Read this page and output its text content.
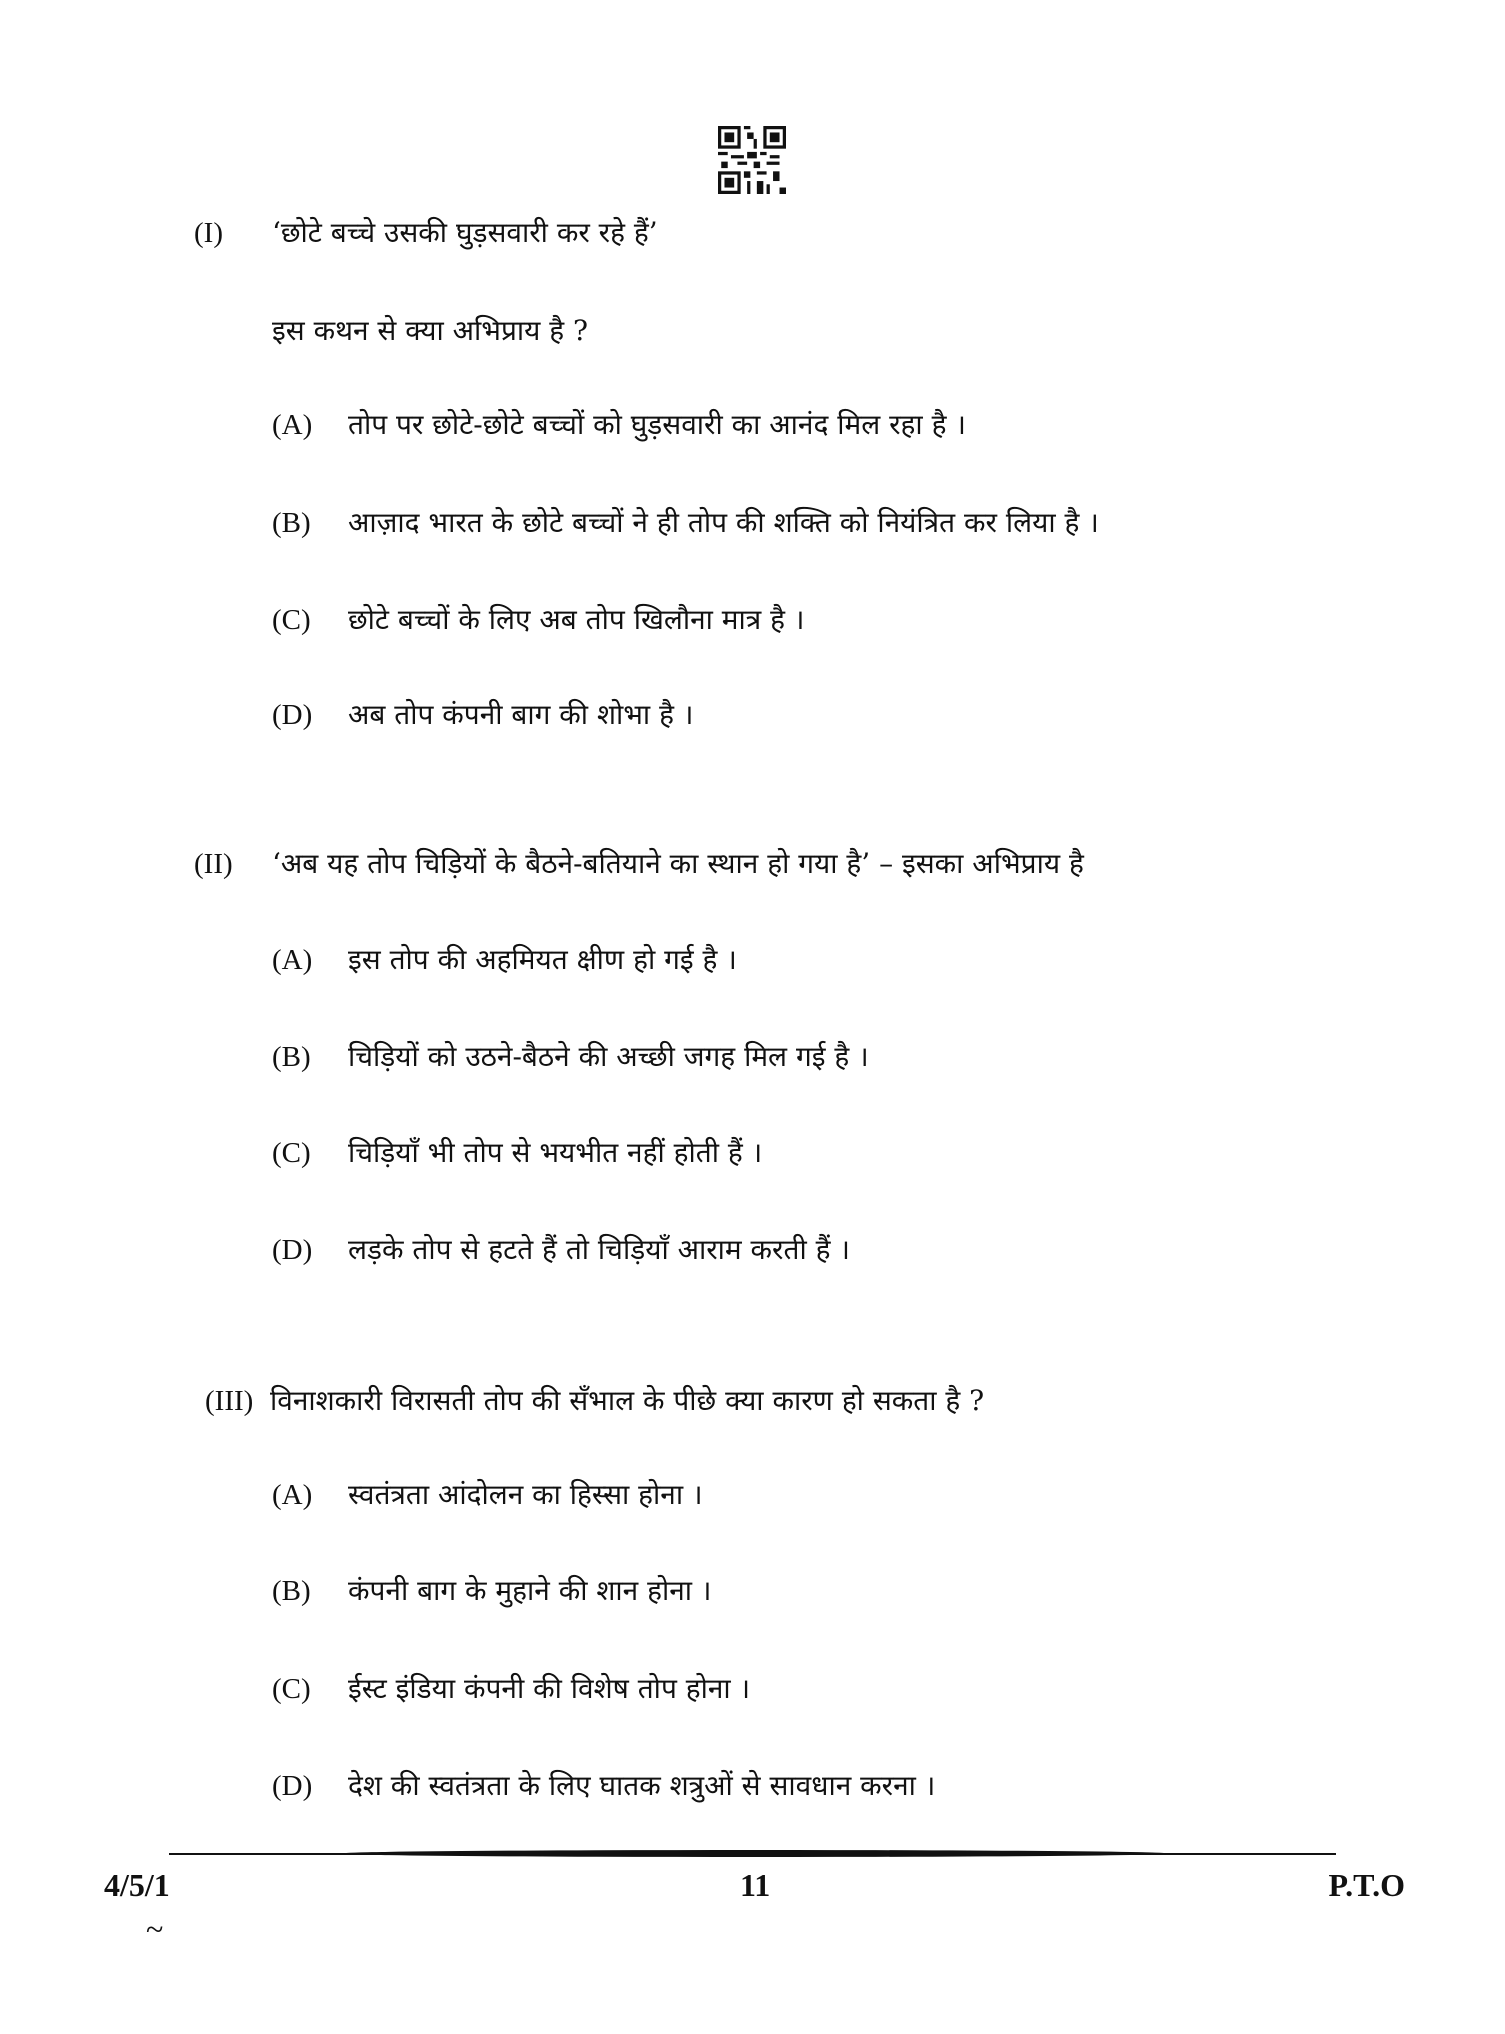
(I) ‘छोटे बच्चे उसकी घुड़सवारी कर रहे हैं’
इस कथन से क्या अभिप्राय है ?
(A) तोप पर छोटे-छोटे बच्चों को घुड़सवारी का आनंद मिल रहा है ।
(B) आज़ाद भारत के छोटे बच्चों ने ही तोप की शक्ति को नियंत्रित कर लिया है ।
(C) छोटे बच्चों के लिए अब तोप खिलौना मात्र है ।
(D) अब तोप कंपनी बाग की शोभा है ।
(II) ‘अब यह तोप चिड़ियों के बैठने-बतियाने का स्थान हो गया है’ – इसका अभिप्राय है
(A) इस तोप की अहमियत क्षीण हो गई है ।
(B) चिड़ियों को उठने-बैठने की अच्छी जगह मिल गई है ।
(C) चिड़ियाँ भी तोप से भयभीत नहीं होती हैं ।
(D) लड़के तोप से हटते हैं तो चिड़ियाँ आराम करती हैं ।
(III) विनाशकारी विरासती तोप की सँभाल के पीछे क्या कारण हो सकता है ?
(A) स्वतंत्रता आंदोलन का हिस्सा होना ।
(B) कंपनी बाग के मुहाने की शान होना ।
(C) ईस्ट इंडिया कंपनी की विशेष तोप होना ।
(D) देश की स्वतंत्रता के लिए घातक शत्रुओं से सावधान करना ।
4/5/1	11	P.T.O
~
